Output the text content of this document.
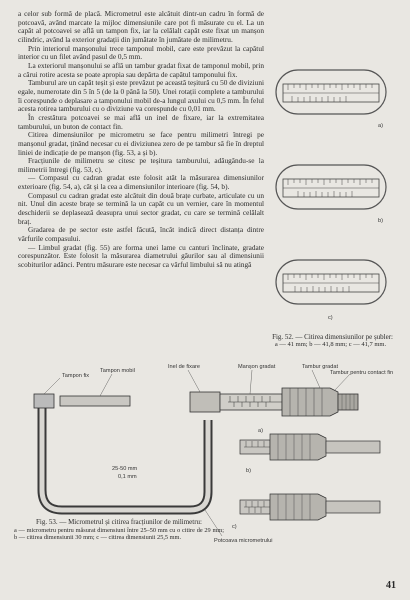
a celor sub formă de placă. Micrometrul este alcătuit dintr-un cadru în formă de potcoavă, având marcate la mijloc dimensiunile care pot fi măsurate cu el. La un capăt al potcoavei se află un tampon fix, iar la celălalt capăt este fixat un manșon cilindric, având la exterior gradații din jumătate în jumătate de milimetru.

Prin interiorul manșonului trece tamponul mobil, care este prevăzut la capătul interior cu un filet având pasul de 0,5 mm.

La exteriorul manșonului se află un tambur gradat fixat de tamponul mobil, prin a cărui rotire acesta se poate apropia sau depărta de capătul tamponului fix.

Tamburul are un capăt teșit și este prevăzut pe această teșitură cu 50 de diviziuni egale, numerotate din 5 în 5 (de la 0 până la 50). Unei rotații complete a tamburului îi corespunde o deplasare a tamponului mobil de-a lungul axului cu 0,5 mm. În felul acesta rotirea tamburului cu o diviziune va corespunde cu 0,01 mm.

În crestătura potcoavei se mai află un inel de fixare, iar la extremitatea tamburului, un buton de contact fin.

Citirea dimensiunilor pe micrometru se face pentru milimetri întregi pe manșonul gradat, ținând necesar cu ei diviziunea zero de pe tambur să fie în dreptul liniei de indicație de pe manșon (fig. 53, a și b).

Fracțiunile de milimetru se citesc pe teșitura tamburului, adăugându-se la milimetrii întregi (fig. 53, c).

— Compasul cu cadran gradat este folosit atât la măsurarea dimensiunilor exterioare (fig. 54, a), cât și la cea a dimensiunilor interioare (fig. 54, b).

Compasul cu cadran gradat este alcătuit din două brațe curbate, articulate cu un nit. Unul din aceste brațe se termină la un capăt cu un vernier, care în momentul deschiderii se deplasează deasupra unui sector gradat, cu care se termină celălalt braț.

Gradarea de pe sector este astfel făcută, încât indică direct distanța dintre vârfurile compasului.

— Limbul gradat (fig. 55) are forma unei lame cu canturi înclinate, gradate corespunzător. Este folosit la măsurarea diametrului găurilor sau al dimensiunii scobiturilor adânci. Pentru măsurare este necesar ca vârful limbului să nu atingă

a)
b)
c)
Fig. 52. — Citirea dimensiunilor pe șubler:
a — 41 mm; b — 41,8 mm; c — 41,7 mm.
Tampon fix
Tampon mobil
Inel de fixare	Manșon gradat	Tambur gradat
Tambur pentru contact fin
25-50 mm
0,1 mm
Potcoava micrometrului
a)
b)
c)
Fig. 53. — Micrometrul și citirea fracțiunilor de milimetru:
a — micrometru pentru măsurat dimensiuni între 25–50 mm cu o citire de 29 mm; b — citirea dimensiunii 30 mm; c — citirea dimensiunii 25,5 mm.
41
